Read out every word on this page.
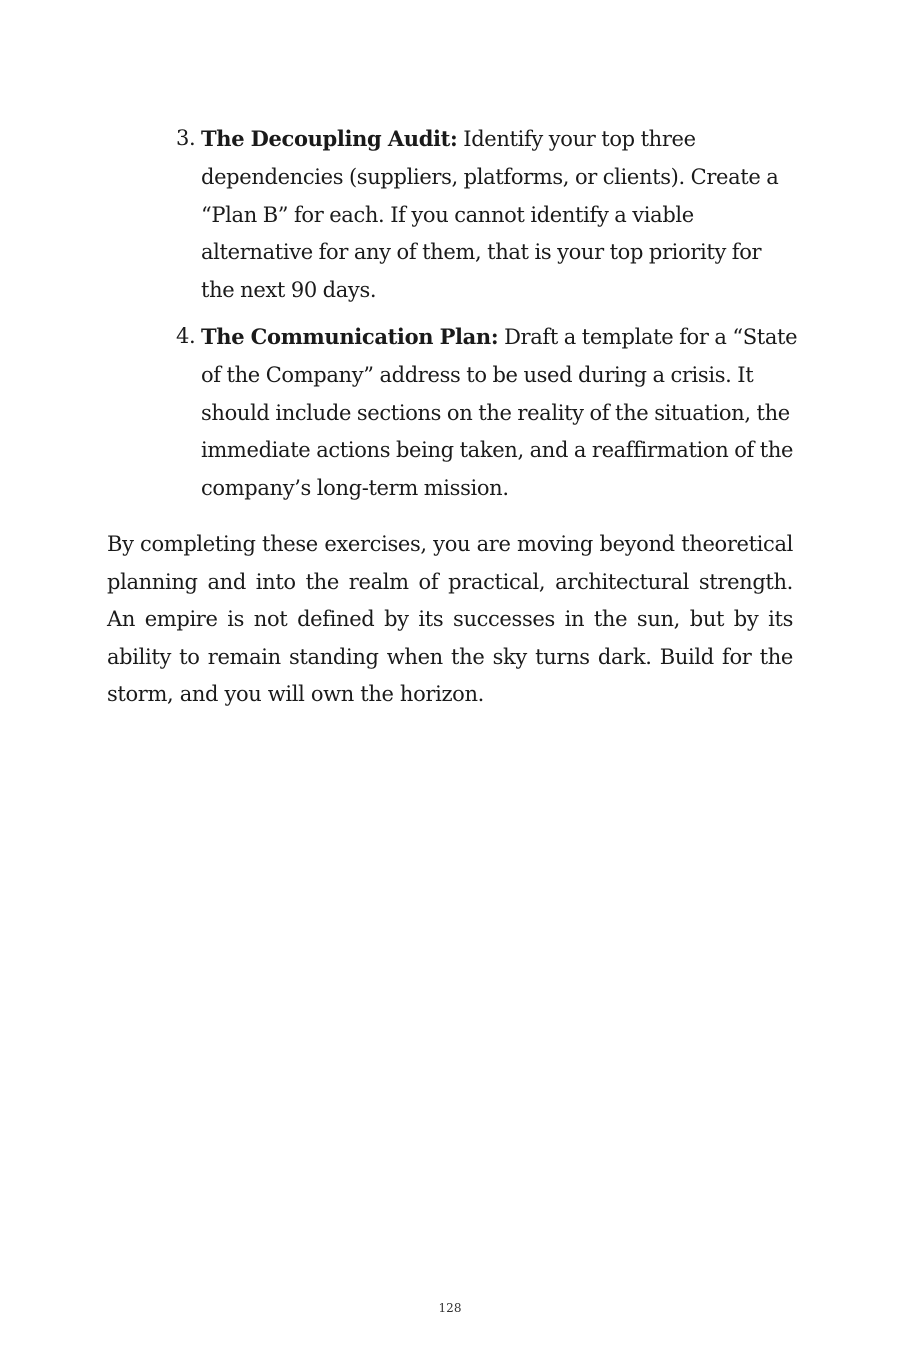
3. The Decoupling Audit: Identify your top three dependencies (suppliers, platforms, or clients). Create a “Plan B” for each. If you cannot identify a viable alternative for any of them, that is your top priority for the next 90 days.
4. The Communication Plan: Draft a template for a “State of the Company” address to be used during a crisis. It should include sections on the reality of the situation, the immediate actions being taken, and a reaffirmation of the company’s long-term mission.

By completing these exercises, you are moving beyond theoretical planning and into the realm of practical, architectural strength. An empire is not defined by its successes in the sun, but by its ability to remain standing when the sky turns dark. Build for the storm, and you will own the horizon.

128
